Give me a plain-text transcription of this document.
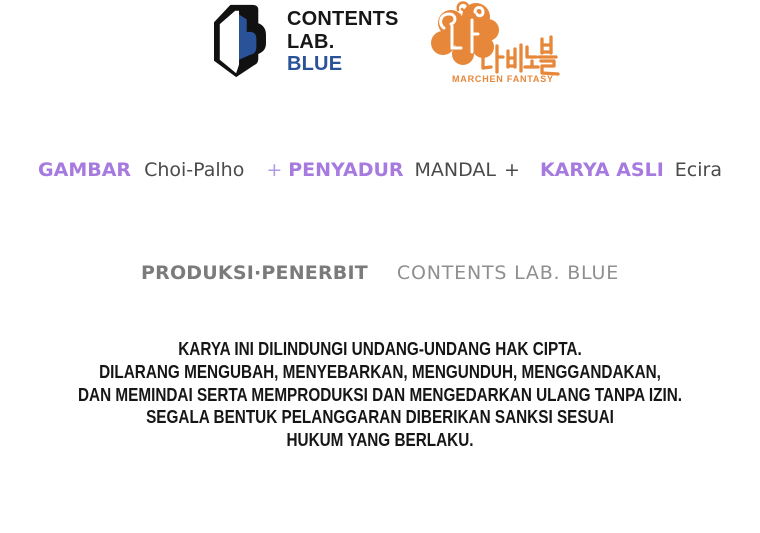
CONTENTS
LAB.
BLUE
MARCHEN FANTASY
GAMBAR Choi-Palho + PENYADUR MANDAL + KARYA ASLI Ecira
PRODUKSI·PENERBIT CONTENTS LAB. BLUE
KARYA INI DILINDUNGI UNDANG-UNDANG HAK CIPTA.
DILARANG MENGUBAH, MENYEBARKAN, MENGUNDUH, MENGGANDAKAN,
DAN MEMINDAI SERTA MEMPRODUKSI DAN MENGEDARKAN ULANG TANPA IZIN.
SEGALA BENTUK PELANGGARAN DIBERIKAN SANKSI SESUAI
HUKUM YANG BERLAKU.
